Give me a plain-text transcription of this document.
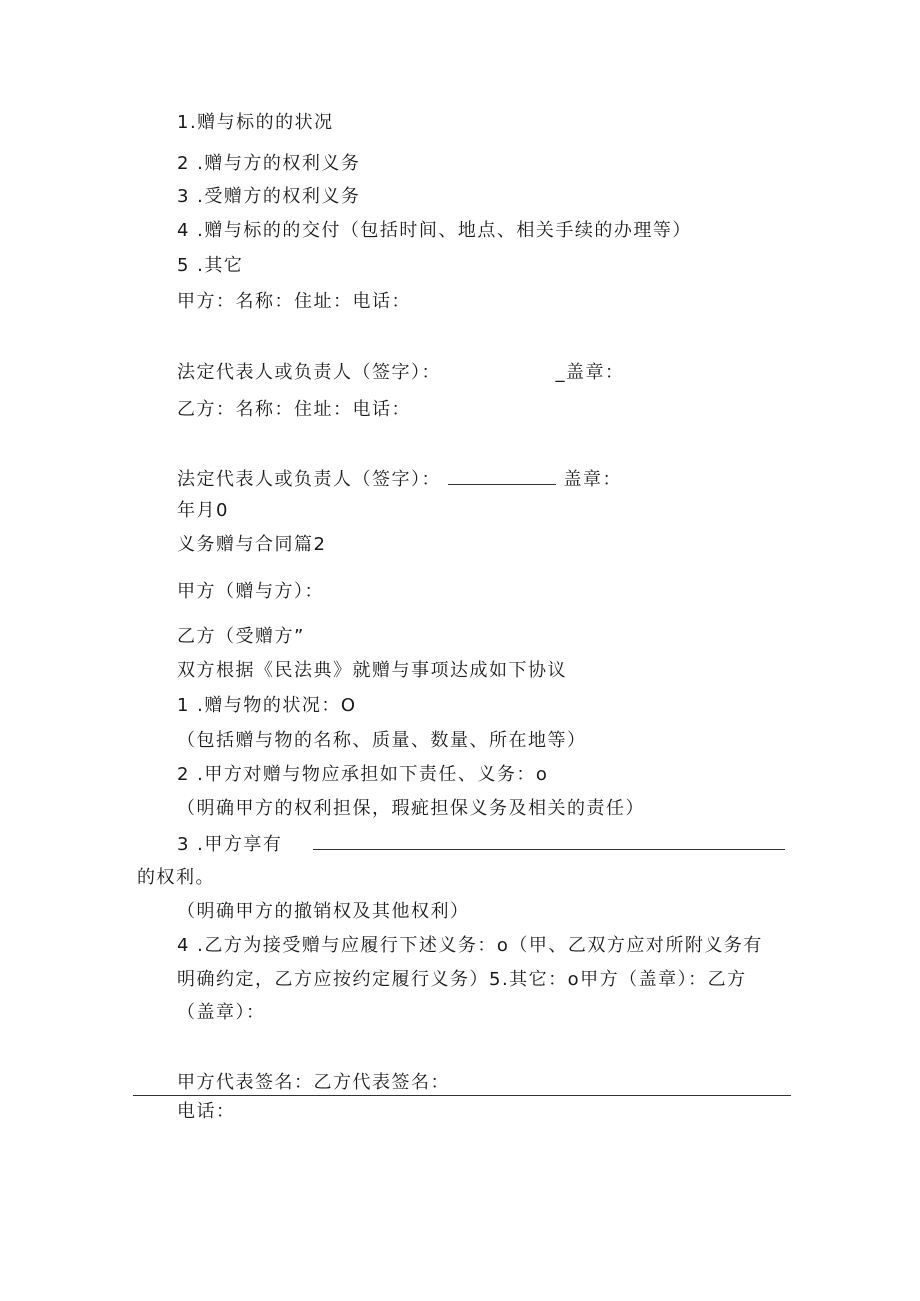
1.赠与标的的状况
2 .赠与方的权利义务
3 .受赠方的权利义务
4 .赠与标的的交付（包括时间、地点、相关手续的办理等）
5 .其它
甲方：名称：住址：电话：
法定代表人或负责人（签字）：	_盖章：
乙方：名称：住址：电话：
法定代表人或负责人（签字）：	盖章：
年月0
义务赠与合同篇2
甲方（赠与方）：
乙方（受赠方”
双方根据《民法典》就赠与事项达成如下协议
1 .赠与物的状况：O
（包括赠与物的名称、质量、数量、所在地等）
2 .甲方对赠与物应承担如下责任、义务：o
（明确甲方的权利担保，瑕疵担保义务及相关的责任）
3 .甲方享有
的权利。
（明确甲方的撤销权及其他权利）
4 .乙方为接受赠与应履行下述义务：o（甲、乙双方应对所附义务有
明确约定，乙方应按约定履行义务）5.其它：o甲方（盖章）：乙方
（盖章）：
甲方代表签名：乙方代表签名：
电话：
